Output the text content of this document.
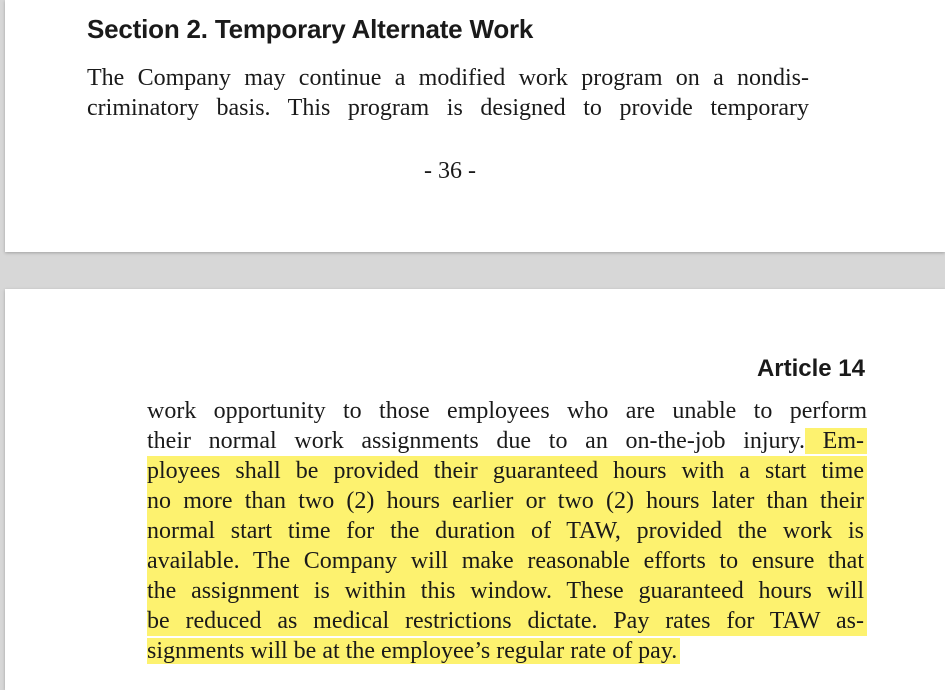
Section 2. Temporary Alternate Work
The Company may continue a modified work program on a nondis-
criminatory basis. This program is designed to provide temporary
- 36 -
Article 14
work opportunity to those employees who are unable to perform
their normal work assignments due to an on-the-job injury. Em-
ployees shall be provided their guaranteed hours with a start time
no more than two (2) hours earlier or two (2) hours later than their
normal start time for the duration of TAW, provided the work is
available. The Company will make reasonable efforts to ensure that
the assignment is within this window. These guaranteed hours will
be reduced as medical restrictions dictate. Pay rates for TAW as-
signments will be at the employee’s regular rate of pay.
